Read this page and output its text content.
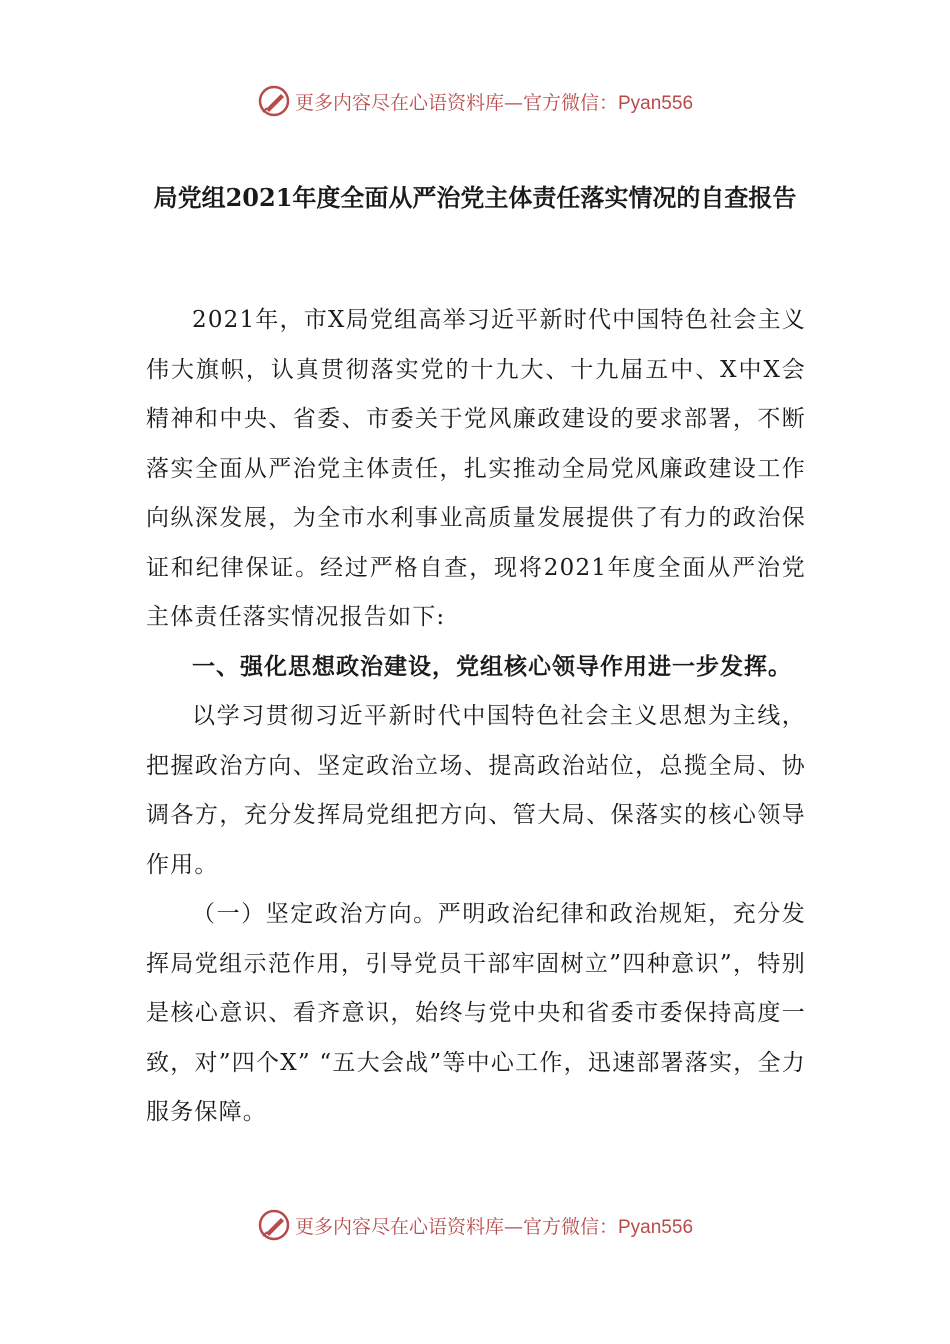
更多内容尽在心语资料库—官方微信：Pyan556
局党组2021年度全面从严治党主体责任落实情况的自查报告

2021年，市X局党组高举习近平新时代中国特色社会主义伟大旗帜，认真贯彻落实党的十九大、十九届五中、X中X会精神和中央、省委、市委关于党风廉政建设的要求部署，不断落实全面从严治党主体责任，扎实推动全局党风廉政建设工作向纵深发展，为全市水利事业高质量发展提供了有力的政治保证和纪律保证。经过严格自查，现将2021年度全面从严治党主体责任落实情况报告如下:

一、强化思想政治建设，党组核心领导作用进一步发挥。

以学习贯彻习近平新时代中国特色社会主义思想为主线，把握政治方向、坚定政治立场、提高政治站位，总揽全局、协调各方，充分发挥局党组把方向、管大局、保落实的核心领导作用。

（一）坚定政治方向。严明政治纪律和政治规矩，充分发挥局党组示范作用，引导党员干部牢固树立”四种意识”，特别是核心意识、看齐意识，始终与党中央和省委市委保持高度一致，对”四个X” “五大会战”等中心工作，迅速部署落实，全力服务保障。

更多内容尽在心语资料库—官方微信：Pyan556
